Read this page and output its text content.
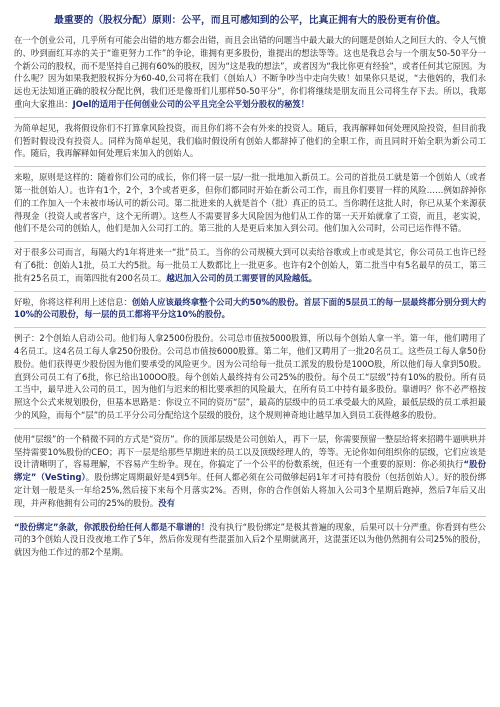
最重要的（股权分配）原则：公平，而且可感知到的公平，比真正拥有大的股份更有价值。

在一个创业公司，几乎所有可能会出错的地方都会出错，而且会出错的问题当中最大最大的问题是创始人之间巨大的、令人气愤的、吵到面红耳赤的关于“谁更努力工作”的争论，谁拥有更多股份，谁提出的想法等等。这也是我总会与一个朋友50-50平分一个新公司的股权，而不是坚持自己拥有60%的股权，因为“这是我的想法”，或者因为“我比你更有经验”，或者任何其它原因。为什么呢？因为如果我把股权拆分为60-40,公司将在我们（创始人）不断争吵当中走向失败！如果你只是说，“去他妈的，我们永远也无法知道正确的股权分配比例，我们还是像哥们儿那样50-50平分”，你们将继续是朋友而且公司将生存下去。所以，我郑重向大家推出：JOel的适用于任何创业公司的公平且完全公平划分股权的秘笈！

为简单起见，我将假设你们不打算拿风险投资，而且你们将不会有外来的投资人。随后，我再解释如何处理风险投资，但目前我们暂时假设没有投资人。同样为简单起见，我们临时假设所有创始人都辞掉了他们的全职工作，而且同时开始全职为新公司工作。随后，我再解释如何处理后来加入的创始人。

来啦，原则是这样的：随着你们公司的成长，你们将一层一层/一批一批地加入新员工。公司的首批员工就是第一个创始人（或者第一批创始人）。也许有1个，2个，3个或者更多，但你们都同时开始在新公司工作，而且你们要冒一样的风险……例如辞掉你们的工作加入一个未被市场认可的新公司。第二批进来的人就是首个（批）真正的员工。当你聘任这批人时，你已从某个来源获得现金（投资人或者客户，这个无所谓）。这些人不需要冒多大风险因为他们从工作的第一天开始就拿了工资，而且，老实说，他们不是公司的创始人，他们是加入公司打工的。第三批的人是更后来加入到公司。他们加入公司时，公司已运作得不错。

对于很多公司而言，每隔大约1年将进来一“批”员工。当你的公司规模大到可以卖给谷歌或上市或是其它，你公司员工也许已经有了6批：创始人1批，员工大约5批。每一批员工人数都比上一批更多。也许有2个创始人，第二批当中有5名最早的员工，第三批有25名员工，而第四批有200名员工。越迟加入公司的员工需要冒的风险越低。

好啦，你将这样利用上述信息：创始人应该最终拿整个公司大约50%的股份。首层下面的5层员工的每一层最终都分别分到大约10%的公司股份，每一层的员工都将平分这10%的股份。

例子：2个创始人启动公司。他们每人拿2500份股份。公司总市值按5000股算，所以每个创始人拿一半。第一年，他们聘用了4名员工。这4名员工每人拿250份股份。公司总市值按6000股算。第二年，他们又聘用了一批20名员工。这些员工每人拿50份股份。他们获得更少股份因为他们要承受的风险更少。因为公司给每一批员工派发的股份是100O股，所以他们每人拿到50股。直到公司员工有了6批，你已给出100OO股。每个创始人最终持有公司25%的股份。每个员工“层级”持有10%的股份。所有员工当中，最早进入公司的员工，因为他们与迟来的相比要承担的风险最大，在所有员工中持有最多股份。靠谱吗？你不必严格按照这个公式来规划股份，但基本思路是：你设立不同的资历“层”，最高的层级中的员工承受最大的风险，最低层级的员工承担最少的风险，而每个“层”的员工平分公司分配给这个层级的股份，这个规则神奇地让越早加入到员工获得越多的股份。

使用“层级”的一个稍微不同的方式是“资历”。你的顶部层级是公司创始人，再下一层，你需要预留一整层给将来招聘牛逼哄哄并坚持需要10%股份的CEO；再下一层是给那些早期进来的员工以及顶级经理人的，等等。无论你如何组织你的层级，它们应该是设计清晰明了，容易理解，不容易产生纷争。现在，你搞定了一个公平的份数系统，但还有一个重要的原则：你必须执行“股份绑定”（VeSting）。股份绑定周期最好是4到5年。任何人都必须在公司做够起码1年才可持有股份（包括创始人）。好的股份绑定计划一般是头一年给25%,然后接下来每个月落实2%。否则，你的合作创始人将加入公司3个星期后跑掉，然后7年后又出现，并声称他拥有公司的25%的股份。没有

“股份绑定”条款，你派股份给任何人都是不靠谱的！没有执行“股份绑定”是极其普遍的现象，后果可以十分严重。你看到有些公司的3个创始人没日没夜地工作了5年，然后你发现有些混蛋加入后2个星期就离开，这混蛋还以为他仍然拥有公司25%的股份，就因为他工作过的那2个星期。
